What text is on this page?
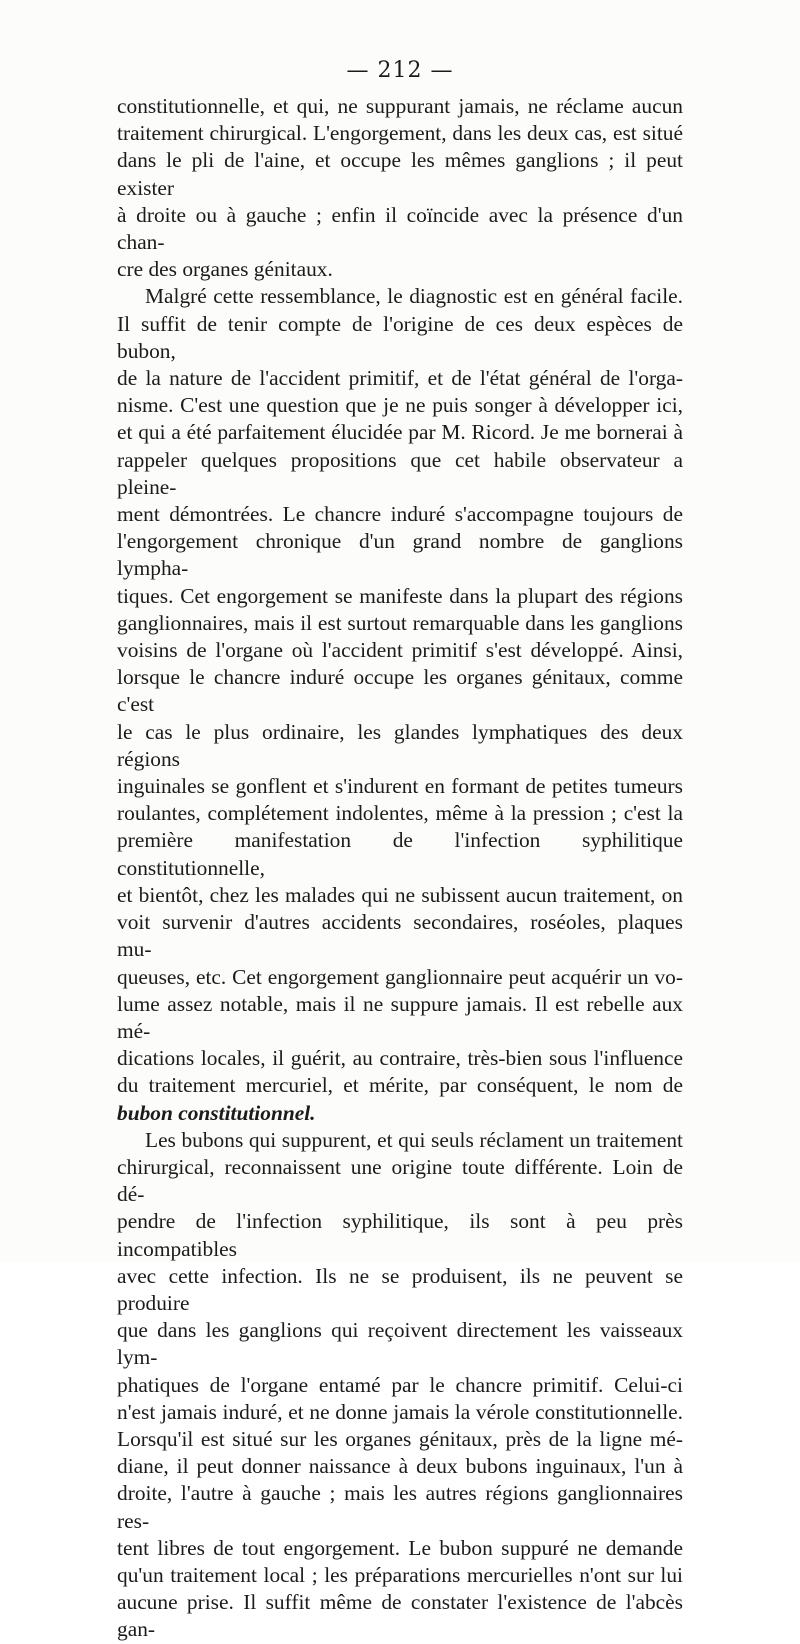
— 212 —

constitutionnelle, et qui, ne suppurant jamais, ne réclame aucun

traitement chirurgical. L'engorgement, dans les deux cas, est situé

dans le pli de l'aine, et occupe les mêmes ganglions ; il peut exister

à droite ou à gauche ; enfin il coïncide avec la présence d'un chan-

cre des organes génitaux.

Malgré cette ressemblance, le diagnostic est en général facile.

Il suffit de tenir compte de l'origine de ces deux espèces de bubon,

de la nature de l'accident primitif, et de l'état général de l'orga-

nisme. C'est une question que je ne puis songer à développer ici,

et qui a été parfaitement élucidée par M. Ricord. Je me bornerai à

rappeler quelques propositions que cet habile observateur a pleine-

ment démontrées. Le chancre induré s'accompagne toujours de

l'engorgement chronique d'un grand nombre de ganglions lympha-

tiques. Cet engorgement se manifeste dans la plupart des régions

ganglionnaires, mais il est surtout remarquable dans les ganglions

voisins de l'organe où l'accident primitif s'est développé. Ainsi,

lorsque le chancre induré occupe les organes génitaux, comme c'est

le cas le plus ordinaire, les glandes lymphatiques des deux régions

inguinales se gonflent et s'indurent en formant de petites tumeurs

roulantes, complétement indolentes, même à la pression ; c'est la

première manifestation de l'infection syphilitique constitutionnelle,

et bientôt, chez les malades qui ne subissent aucun traitement, on

voit survenir d'autres accidents secondaires, roséoles, plaques mu-

queuses, etc. Cet engorgement ganglionnaire peut acquérir un vo-

lume assez notable, mais il ne suppure jamais. Il est rebelle aux mé-

dications locales, il guérit, au contraire, très-bien sous l'influence

du traitement mercuriel, et mérite, par conséquent, le nom de

bubon constitutionnel.

Les bubons qui suppurent, et qui seuls réclament un traitement

chirurgical, reconnaissent une origine toute différente. Loin de dé-

pendre de l'infection syphilitique, ils sont à peu près incompatibles

avec cette infection. Ils ne se produisent, ils ne peuvent se produire

que dans les ganglions qui reçoivent directement les vaisseaux lym-

phatiques de l'organe entamé par le chancre primitif. Celui-ci

n'est jamais induré, et ne donne jamais la vérole constitutionnelle.

Lorsqu'il est situé sur les organes génitaux, près de la ligne mé-

diane, il peut donner naissance à deux bubons inguinaux, l'un à

droite, l'autre à gauche ; mais les autres régions ganglionnaires res-

tent libres de tout engorgement. Le bubon suppuré ne demande

qu'un traitement local ; les préparations mercurielles n'ont sur lui

aucune prise. Il suffit même de constater l'existence de l'abcès gan-
